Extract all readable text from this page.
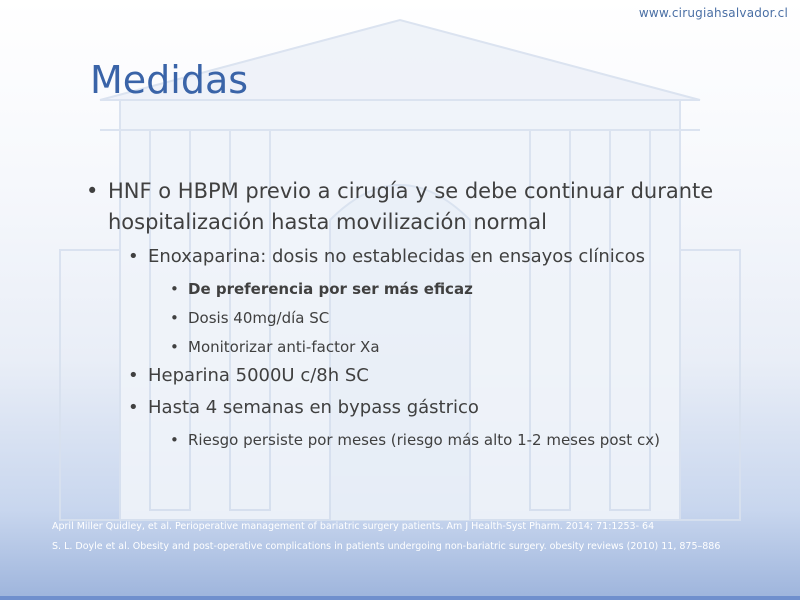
www.cirugiahsalvador.cl
Medidas
• HNF o HBPM previo a cirugía y se debe continuar durante hospitalización hasta movilización normal
• Enoxaparina: dosis no establecidas en ensayos clínicos
• De preferencia por ser más eficaz
• Dosis 40mg/día SC
• Monitorizar anti-factor Xa
• Heparina 5000U c/8h SC
• Hasta 4 semanas en bypass gástrico
• Riesgo persiste por meses (riesgo más alto 1-2 meses post cx)
April Miller Quidley, et al. Perioperative management of bariatric surgery patients. Am J Health-Syst Pharm. 2014; 71:1253- 64
S. L. Doyle et al. Obesity and post-operative complications in patients undergoing non-bariatric surgery. obesity reviews (2010) 11, 875–886
